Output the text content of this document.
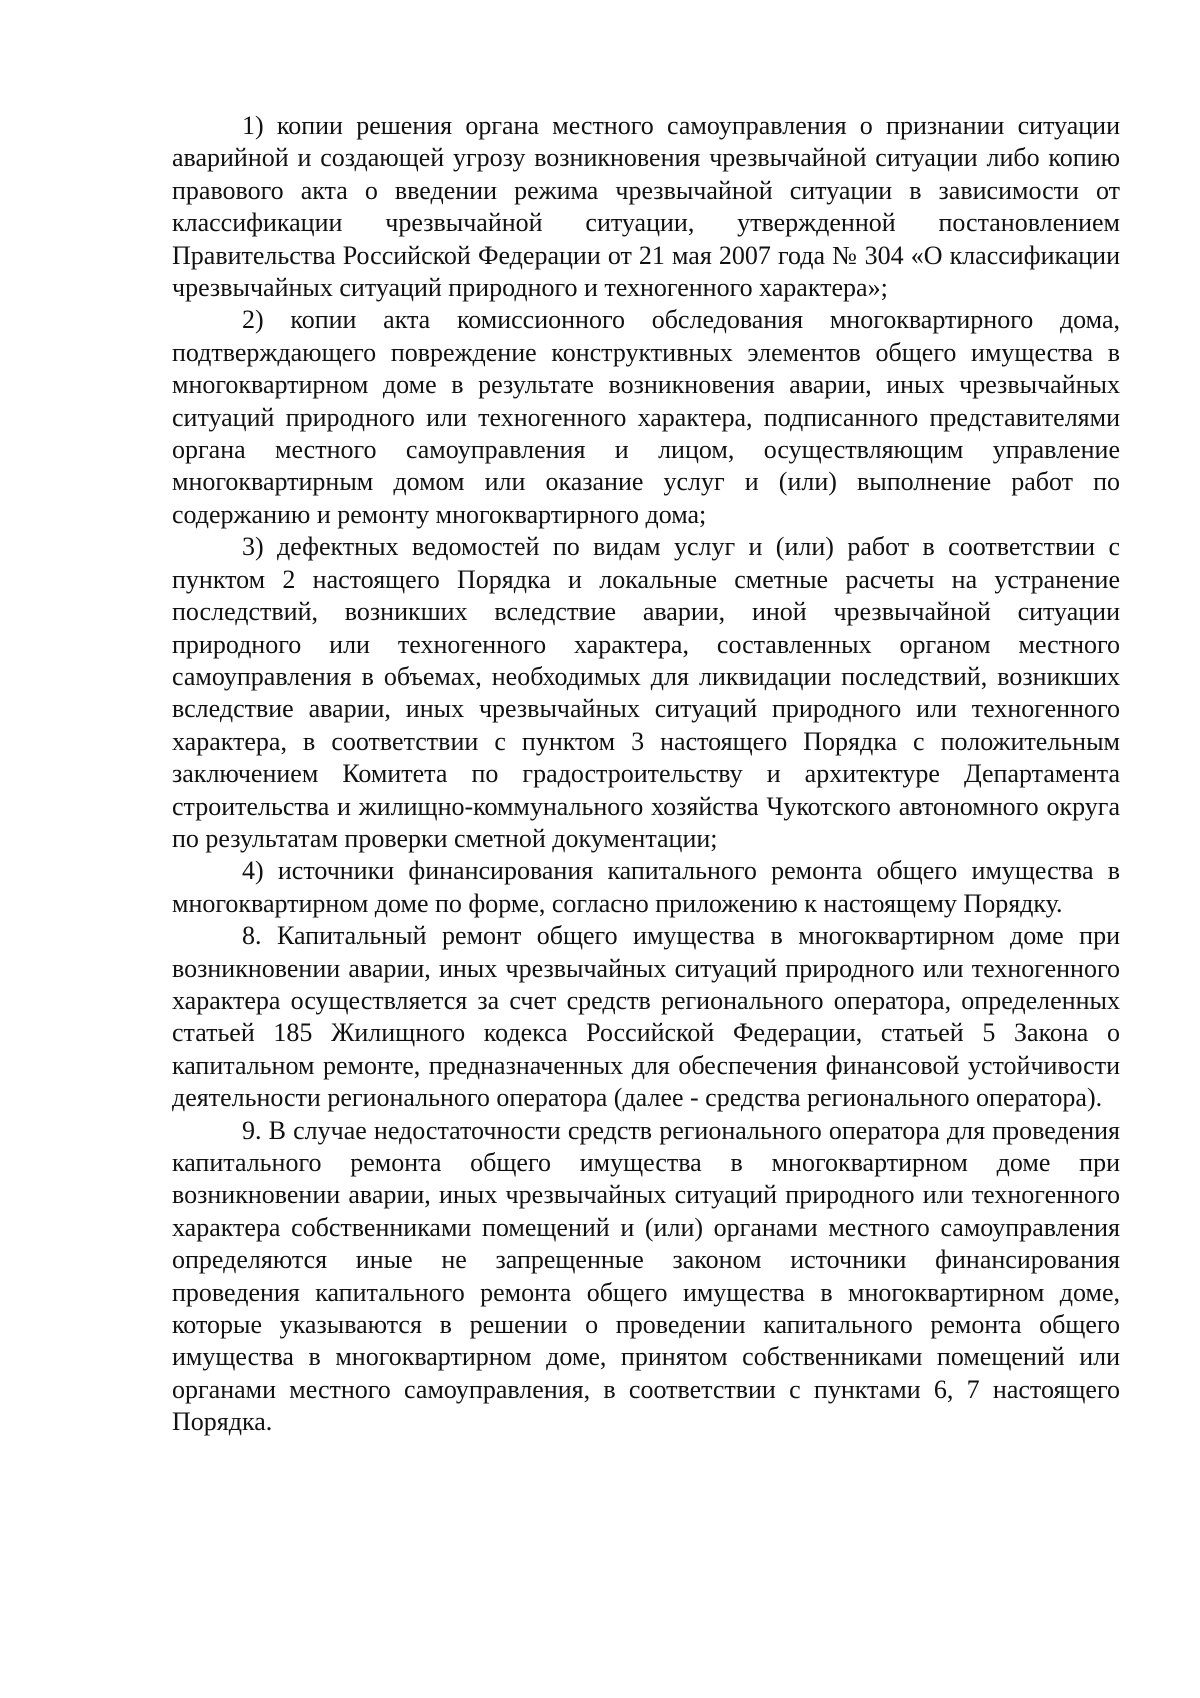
1) копии решения органа местного самоуправления о признании ситуации аварийной и создающей угрозу возникновения чрезвычайной ситуации либо копию правового акта о введении режима чрезвычайной ситуации в зависимости от классификации чрезвычайной ситуации, утвержденной постановлением Правительства Российской Федерации от 21 мая 2007 года № 304 «О классификации чрезвычайных ситуаций природного и техногенного характера»;

2) копии акта комиссионного обследования многоквартирного дома, подтверждающего повреждение конструктивных элементов общего имущества в многоквартирном доме в результате возникновения аварии, иных чрезвычайных ситуаций природного или техногенного характера, подписанного представителями органа местного самоуправления и лицом, осуществляющим управление многоквартирным домом или оказание услуг и (или) выполнение работ по содержанию и ремонту многоквартирного дома;

3) дефектных ведомостей по видам услуг и (или) работ в соответствии с пунктом 2 настоящего Порядка и локальные сметные расчеты на устранение последствий, возникших вследствие аварии, иной чрезвычайной ситуации природного или техногенного характера, составленных органом местного самоуправления в объемах, необходимых для ликвидации последствий, возникших вследствие аварии, иных чрезвычайных ситуаций природного или техногенного характера, в соответствии с пунктом 3 настоящего Порядка с положительным заключением Комитета по градостроительству и архитектуре Департамента строительства и жилищно-коммунального хозяйства Чукотского автономного округа по результатам проверки сметной документации;

4) источники финансирования капитального ремонта общего имущества в многоквартирном доме по форме, согласно приложению к настоящему Порядку.

8. Капитальный ремонт общего имущества в многоквартирном доме при возникновении аварии, иных чрезвычайных ситуаций природного или техногенного характера осуществляется за счет средств регионального оператора, определенных статьей 185 Жилищного кодекса Российской Федерации, статьей 5 Закона о капитальном ремонте, предназначенных для обеспечения финансовой устойчивости деятельности регионального оператора (далее - средства регионального оператора).

9. В случае недостаточности средств регионального оператора для проведения капитального ремонта общего имущества в многоквартирном доме при возникновении аварии, иных чрезвычайных ситуаций природного или техногенного характера собственниками помещений и (или) органами местного самоуправления определяются иные не запрещенные законом источники финансирования проведения капитального ремонта общего имущества в многоквартирном доме, которые указываются в решении о проведении капитального ремонта общего имущества в многоквартирном доме, принятом собственниками помещений или органами местного самоуправления, в соответствии с пунктами 6, 7 настоящего Порядка.
